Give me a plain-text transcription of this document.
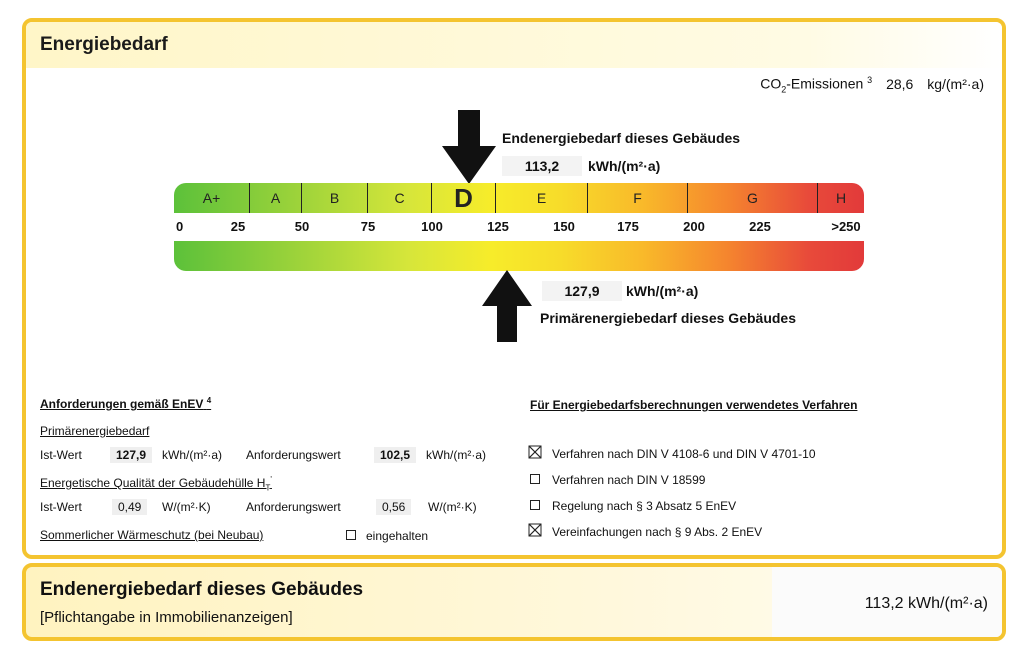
Energiebedarf
$CO_2$-Emissionen $^3$ 28,6 kg/(m²·a)
Endenergiebedarf dieses Gebäudes
113,2	kWh/(m²·a)
A+	A	B	C D	E	F	G	H
0	25	50	75	100	125	150	175	200	225	>250
127,9	kWh/(m²·a)
Primärenergiebedarf dieses Gebäudes
Anforderungen gemäß EnEV $^4$
Primärenergiebedarf
Ist-Wert	127,9	kWh/(m²·a) Anforderungswert	102,5	kWh/(m²·a)
Energetische Qualität der Gebäudehülle $H_T'$
Ist-Wert	0,49	W/(m²·K)	Anforderungswert	0,56	W/(m²·K)
Sommerlicher Wärmeschutz (bei Neubau)	eingehalten
Für Energiebedarfsberechnungen verwendetes Verfahren
Verfahren nach DIN V 4108-6 und DIN V 4701-10
Verfahren nach DIN V 18599
Regelung nach § 3 Absatz 5 EnEV
Vereinfachungen nach § 9 Abs. 2 EnEV
Endenergiebedarf dieses Gebäudes
[Pflichtangabe in Immobilienanzeigen]
113,2 kWh/(m²·a)
